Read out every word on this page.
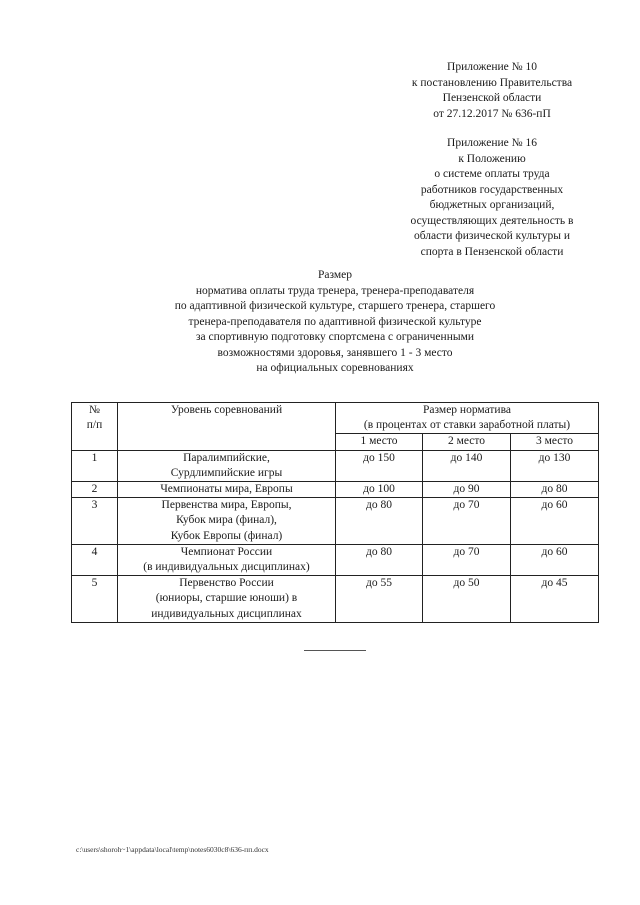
Приложение № 10
к постановлению Правительства
Пензенской области
от 27.12.2017 № 636-пП
Приложение № 16
к Положению
о системе оплаты труда
работников государственных
бюджетных организаций,
осуществляющих деятельность в
области физической культуры и
спорта в Пензенской области
Размер
норматива оплаты труда тренера, тренера-преподавателя
по адаптивной физической культуре, старшего тренера, старшего
тренера-преподавателя по адаптивной физической культуре
за спортивную подготовку спортсмена с ограниченными
возможностями здоровья, занявшего 1 - 3 место
на официальных соревнованиях
№
п/п	Уровень соревнований	Размер норматива
(в процентах от ставки заработной платы)		

		1 место	2 место	3 место
1	Паралимпийские,
Сурдлимпийские игры	до 150	до 140	до 130
2	Чемпионаты мира, Европы	до 100	до 90	до 80
3	Первенства мира, Европы,
Кубок мира (финал),
Кубок Европы (финал)	до 80	до 70	до 60
4	Чемпионат России
(в индивидуальных дисциплинах)	до 80	до 70	до 60
5	Первенство России
(юниоры, старшие юноши) в
индивидуальных дисциплинах	до 55	до 50	до 45
c:\users\shoroh~1\appdata\local\temp\notes6030c8\636-пп.docx
